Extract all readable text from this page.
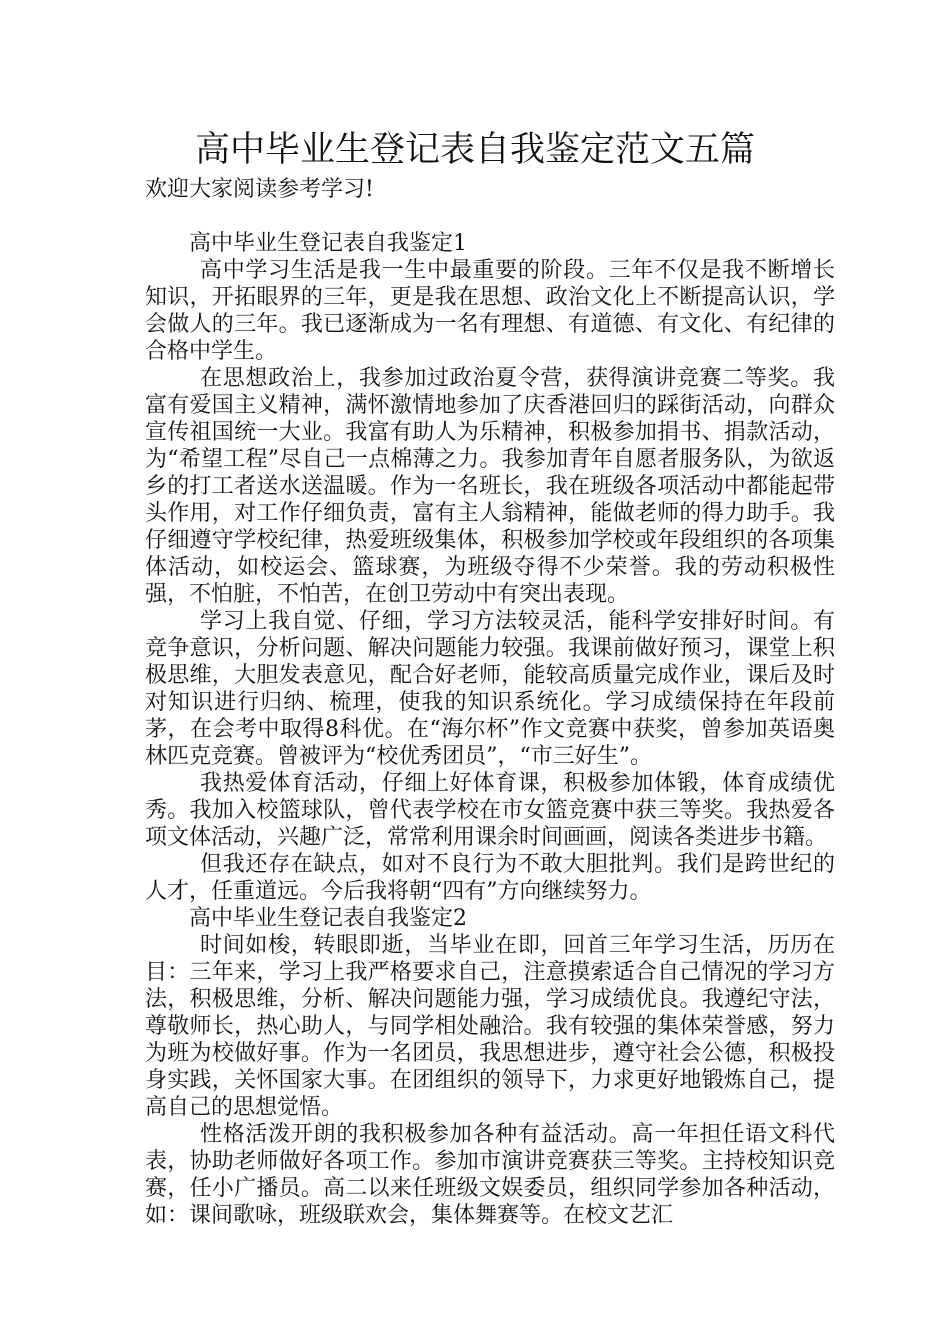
高中毕业生登记表自我鉴定范文五篇

欢迎大家阅读参考学习!

高中毕业生登记表自我鉴定1

高中学习生活是我一生中最重要的阶段。三年不仅是我不断增长知识，开拓眼界的三年，更是我在思想、政治文化上不断提高认识，学会做人的三年。我已逐渐成为一名有理想、有道德、有文化、有纪律的合格中学生。

在思想政治上，我参加过政治夏令营，获得演讲竞赛二等奖。我富有爱国主义精神，满怀激情地参加了庆香港回归的踩街活动，向群众宣传祖国统一大业。我富有助人为乐精神，积极参加捐书、捐款活动，为“希望工程”尽自己一点棉薄之力。我参加青年自愿者服务队，为欲返乡的打工者送水送温暖。作为一名班长，我在班级各项活动中都能起带头作用，对工作仔细负责，富有主人翁精神，能做老师的得力助手。我仔细遵守学校纪律，热爱班级集体，积极参加学校或年段组织的各项集体活动，如校运会、篮球赛，为班级夺得不少荣誉。我的劳动积极性强，不怕脏，不怕苦，在创卫劳动中有突出表现。

学习上我自觉、仔细，学习方法较灵活，能科学安排好时间。有竞争意识，分析问题、解决问题能力较强。我课前做好预习，课堂上积极思维，大胆发表意见，配合好老师，能较高质量完成作业，课后及时对知识进行归纳、梳理，使我的知识系统化。学习成绩保持在年段前茅，在会考中取得8科优。在“海尔杯”作文竞赛中获奖，曾参加英语奥林匹克竞赛。曾被评为“校优秀团员”，“市三好生”。

我热爱体育活动，仔细上好体育课，积极参加体锻，体育成绩优秀。我加入校篮球队，曾代表学校在市女篮竞赛中获三等奖。我热爱各项文体活动，兴趣广泛，常常利用课余时间画画，阅读各类进步书籍。

但我还存在缺点，如对不良行为不敢大胆批判。我们是跨世纪的人才，任重道远。今后我将朝“四有”方向继续努力。

高中毕业生登记表自我鉴定2

时间如梭，转眼即逝，当毕业在即，回首三年学习生活，历历在目：三年来，学习上我严格要求自己，注意摸索适合自己情况的学习方法，积极思维，分析、解决问题能力强，学习成绩优良。我遵纪守法，尊敬师长，热心助人，与同学相处融洽。我有较强的集体荣誉感，努力为班为校做好事。作为一名团员，我思想进步，遵守社会公德，积极投身实践，关怀国家大事。在团组织的领导下，力求更好地锻炼自己，提高自己的思想觉悟。

性格活泼开朗的我积极参加各种有益活动。高一年担任语文科代表，协助老师做好各项工作。参加市演讲竞赛获三等奖。主持校知识竞赛，任小广播员。高二以来任班级文娱委员，组织同学参加各种活动，如：课间歌咏，班级联欢会，集体舞赛等。在校文艺汇
